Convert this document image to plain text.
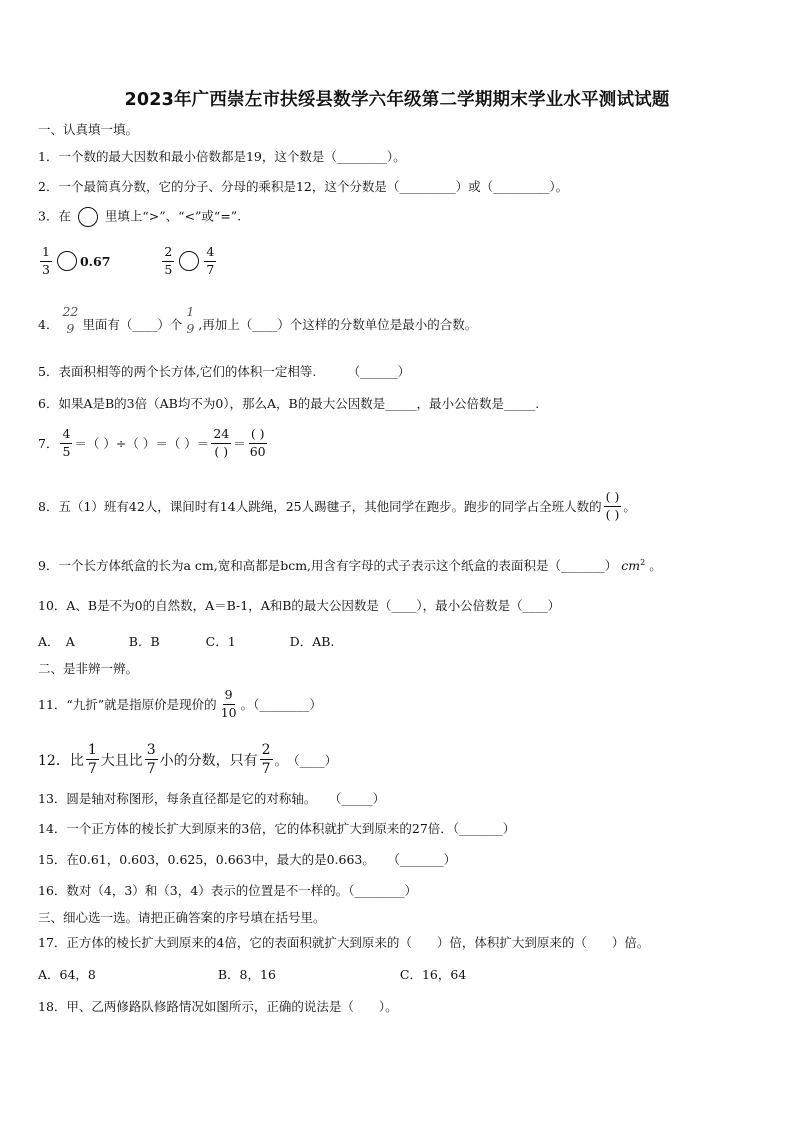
2023年广西崇左市扶绥县数学六年级第二学期期末学业水平测试试题
一、认真填一填。
1．一个数的最大因数和最小倍数都是19，这个数是（________）。
2．一个最简真分数，它的分子、分母的乘积是12，这个分数是（_________）或（_________）。
3．在	里填上“>”、“<”或“=”.
$\frac{1}{3} 0.67$
	$\frac{2}{5} \frac{4}{7}$
4．
22
9 里面有（____）个
1
9 ,再加上（____）个这样的分数单位是最小的合数。
5．表面积相等的两个长方体,它们的体积一定相等.　　　（______）
6．如果A是B的3倍（AB均不为0），那么A，B的最大公因数是_____，最小公倍数是_____.
7． $\frac{4}{5}$ ＝（ ）÷（ ）＝（ ）＝ $\frac{24}{( )} = \frac{( )}{60}$
8．五（1）班有42人，课间时有14人跳绳，25人踢毽子，其他同学在跑步。跑步的同学占全班人数的 $\frac{( )}{( )}$ 。
9．一个长方体纸盒的长为a cm,宽和高都是bcm,用含有字母的式子表示这个纸盒的表面积是（_______） $cm^2$ 。
10．A、B是不为0的自然数，A＝B-1，A和B的最大公因数是（____），最小公倍数是（____）
A．　A	B．B	C．1	D．AB.
二、是非辨一辨。
11．“九折”就是指原价是现价的 $\frac{9}{10}$ 。（________）
12．比 $\frac{1}{7}$ 大且比 $\frac{3}{7}$ 小的分数，只有 $\frac{2}{7}$ 。　（____）
13．圆是轴对称图形，每条直径都是它的对称轴。　　（_____）
14．一个正方体的棱长扩大到原来的3倍，它的体积就扩大到原来的27倍．（_______）
15．在0.61，0.603，0.625，0.663中，最大的是0.663。　　（_______）
16．数对（4，3）和（3，4）表示的位置是不一样的。（________）
三、细心选一选。请把正确答案的序号填在括号里。
17．正方体的棱长扩大到原来的4倍，它的表面积就扩大到原来的（　　）倍，体积扩大到原来的（　　）倍。
A．64，8	B．8，16	C．16，64
18．甲、乙两修路队修路情况如图所示，正确的说法是（　　）。
